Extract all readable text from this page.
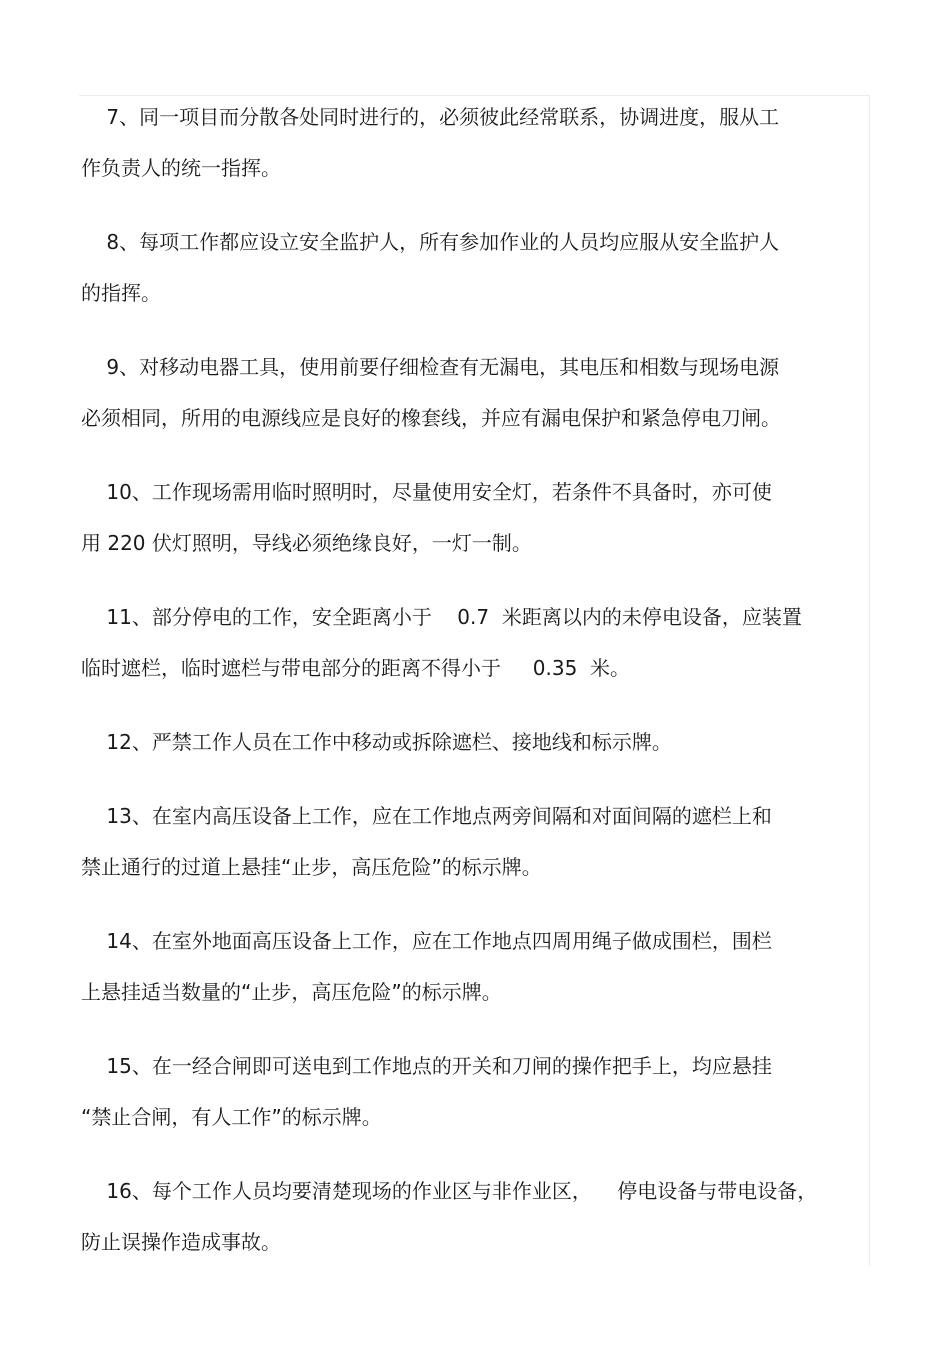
7、同一项目而分散各处同时进行的，必须彼此经常联系，协调进度，服从工
作负责人的统一指挥。
8、每项工作都应设立安全监护人，所有参加作业的人员均应服从安全监护人
的指挥。
9、对移动电器工具，使用前要仔细检查有无漏电，其电压和相数与现场电源
必须相同，所用的电源线应是良好的橡套线，并应有漏电保护和紧急停电刀闸。
10、工作现场需用临时照明时，尽量使用安全灯，若条件不具备时，亦可使
用 220 伏灯照明，导线必须绝缘良好，一灯一制。
11、部分停电的工作，安全距离小于    0.7  米距离以内的未停电设备，应装置
临时遮栏，临时遮栏与带电部分的距离不得小于     0.35  米。
12、严禁工作人员在工作中移动或拆除遮栏、接地线和标示牌。
13、在室内高压设备上工作，应在工作地点两旁间隔和对面间隔的遮栏上和
禁止通行的过道上悬挂“止步，高压危险”的标示牌。
14、在室外地面高压设备上工作，应在工作地点四周用绳子做成围栏，围栏
上悬挂适当数量的“止步，高压危险”的标示牌。
15、在一经合闸即可送电到工作地点的开关和刀闸的操作把手上，均应悬挂
“禁止合闸，有人工作”的标示牌。
16、每个工作人员均要清楚现场的作业区与非作业区，    停电设备与带电设备，
防止误操作造成事故。
